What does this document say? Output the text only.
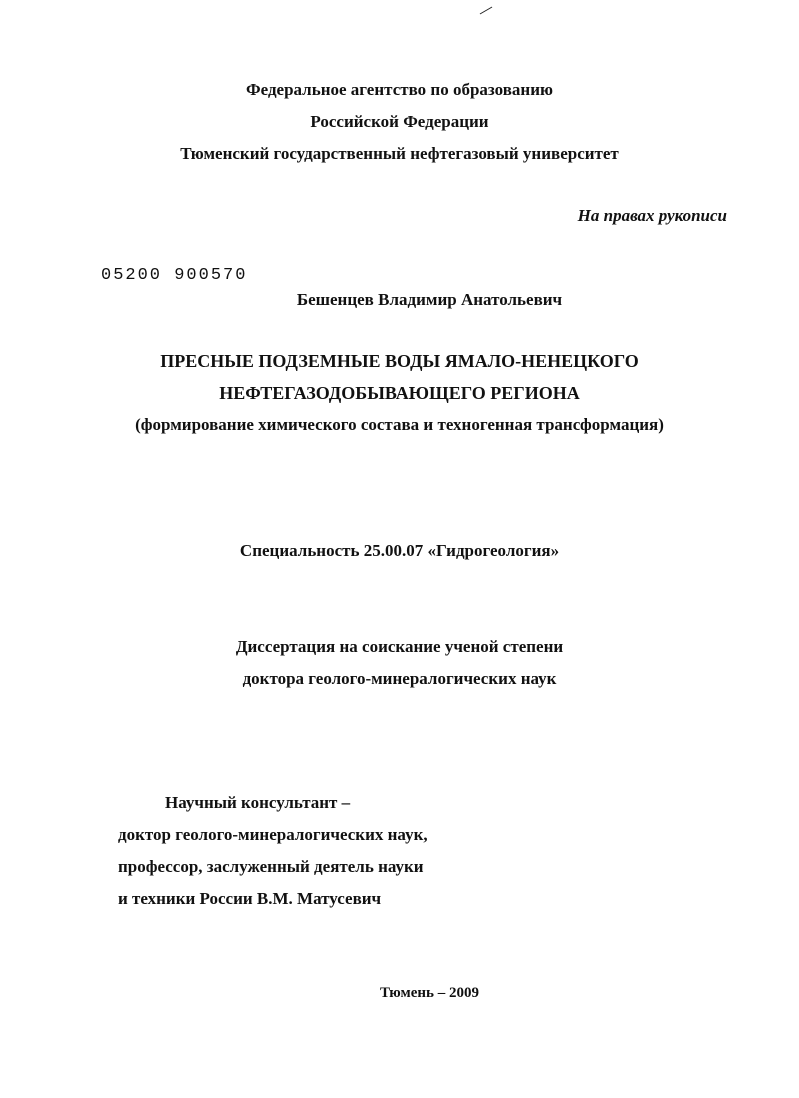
Федеральное агентство по образованию
Российской Федерации
Тюменский государственный нефтегазовый университет
На правах рукописи
05200 900570
Бешенцев Владимир Анатольевич
ПРЕСНЫЕ ПОДЗЕМНЫЕ ВОДЫ ЯМАЛО-НЕНЕЦКОГО
НЕФТЕГАЗОДОБЫВАЮЩЕГО РЕГИОНА
(формирование химического состава и техногенная трансформация)
Специальность 25.00.07 «Гидрогеология»
Диссертация на соискание ученой степени
доктора геолого-минералогических наук
Научный консультант –
доктор геолого-минералогических наук,
профессор, заслуженный деятель науки
и техники России В.М. Матусевич
Тюмень – 2009
